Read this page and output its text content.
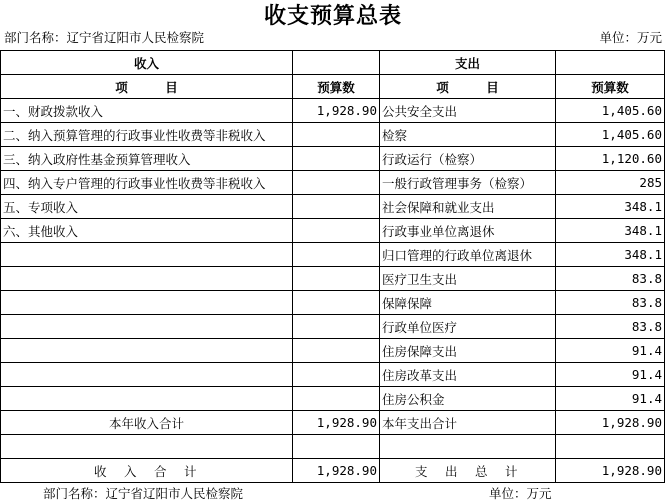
收支预算总表
部门名称：辽宁省辽阳市人民检察院	单位：万元
收入		支出	
项　　　目	预算数	项　　　目	预算数
一、财政拨款收入	1,928.90	公共安全支出	1,405.60
二、纳入预算管理的行政事业性收费等非税收入		检察	1,405.60
三、纳入政府性基金预算管理收入		行政运行（检察）	1,120.60
四、纳入专户管理的行政事业性收费等非税收入		一般行政管理事务（检察）	285
五、专项收入		社会保障和就业支出	348.1
六、其他收入		行政事业单位离退休	348.1
		归口管理的行政单位离退休	348.1
		医疗卫生支出	83.8
		保障保障	83.8
		行政单位医疗	83.8
		住房保障支出	91.4
		住房改革支出	91.4
		住房公积金	91.4
本年收入合计	1,928.90	本年支出合计	1,928.90

收　入　合　计	1,928.90	支　出　总　计	1,928.90
部门名称：辽宁省辽阳市人民检察院	单位：万元
